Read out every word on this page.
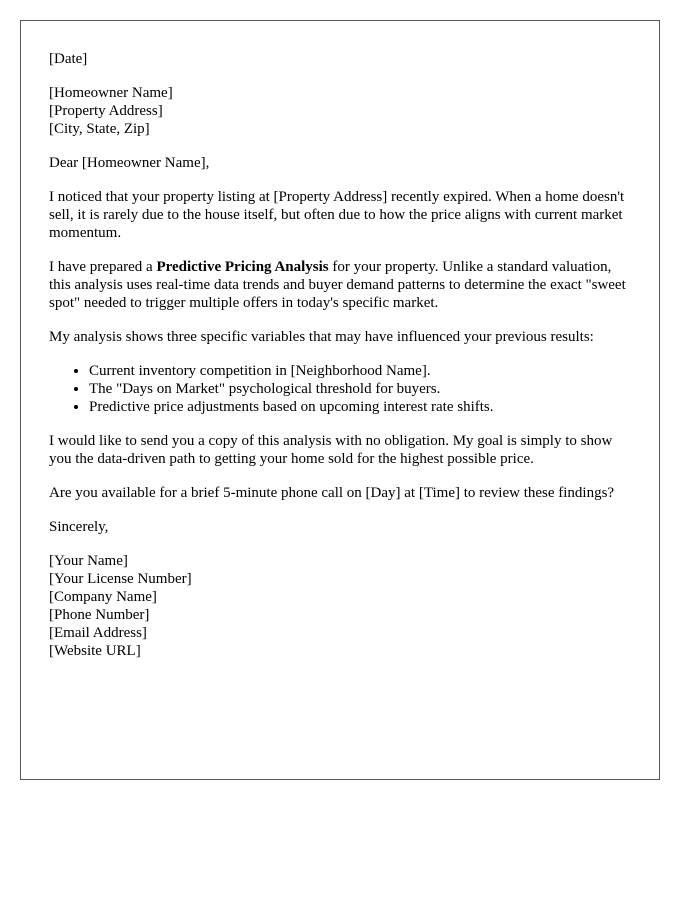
[Date]

[Homeowner Name]
[Property Address]
[City, State, Zip]

Dear [Homeowner Name],

I noticed that your property listing at [Property Address] recently expired. When a home doesn't sell, it is rarely due to the house itself, but often due to how the price aligns with current market momentum.

I have prepared a Predictive Pricing Analysis for your property. Unlike a standard valuation, this analysis uses real-time data trends and buyer demand patterns to determine the exact "sweet spot" needed to trigger multiple offers in today's specific market.

My analysis shows three specific variables that may have influenced your previous results:

• Current inventory competition in [Neighborhood Name].
• The "Days on Market" psychological threshold for buyers.
• Predictive price adjustments based on upcoming interest rate shifts.

I would like to send you a copy of this analysis with no obligation. My goal is simply to show you the data-driven path to getting your home sold for the highest possible price.

Are you available for a brief 5-minute phone call on [Day] at [Time] to review these findings?

Sincerely,

[Your Name]
[Your License Number]
[Company Name]
[Phone Number]
[Email Address]
[Website URL]
